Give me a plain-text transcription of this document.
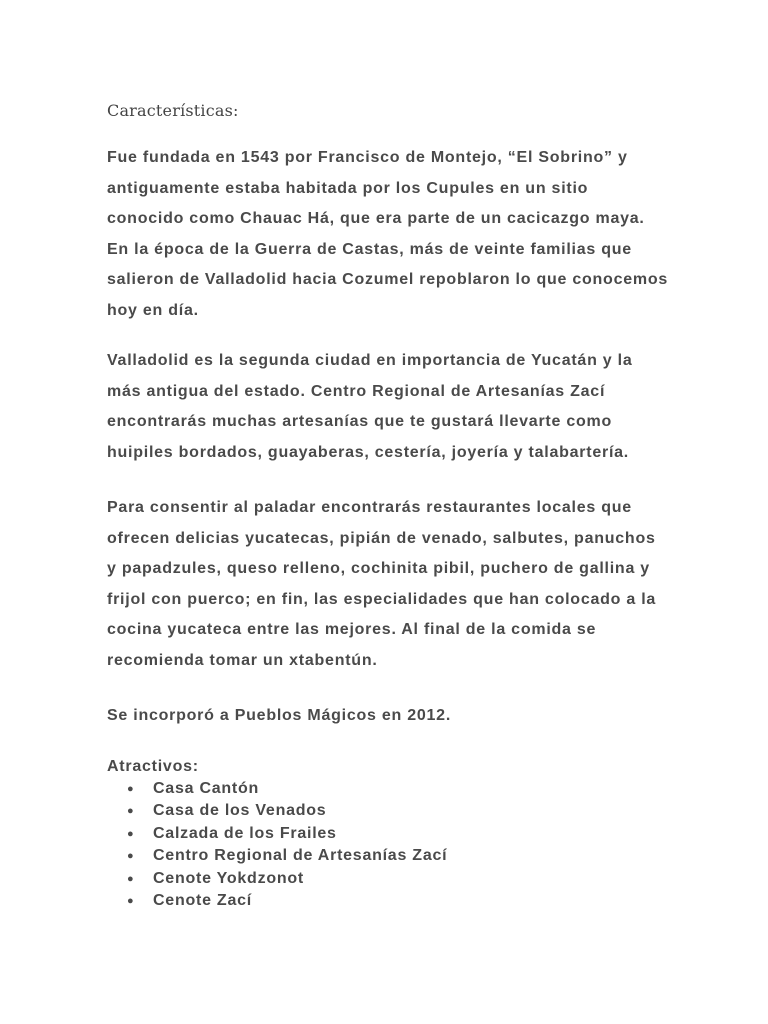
Características:
Fue fundada en 1543 por Francisco de Montejo, “El Sobrino” y
antiguamente estaba habitada por los Cupules en un sitio
conocido como Chauac Há, que era parte de un cacicazgo maya.
En la época de la Guerra de Castas, más de veinte familias que
salieron de Valladolid hacia Cozumel repoblaron lo que conocemos
hoy en día.
Valladolid es la segunda ciudad en importancia de Yucatán y la
más antigua del estado. Centro Regional de Artesanías Zací
encontrarás muchas artesanías que te gustará llevarte como
huipiles bordados, guayaberas, cestería, joyería y talabartería.
Para consentir al paladar encontrarás restaurantes locales que
ofrecen delicias yucatecas, pipián de venado, salbutes, panuchos
y papadzules, queso relleno, cochinita pibil, puchero de gallina y
frijol con puerco; en fin, las especialidades que han colocado a la
cocina yucateca entre las mejores. Al final de la comida se
recomienda tomar un xtabentún.
Se incorporó a Pueblos Mágicos en 2012.
Atractivos:
● Casa Cantón
● Casa de los Venados
● Calzada de los Frailes
● Centro Regional de Artesanías Zací
● Cenote Yokdzonot
● Cenote Zací
